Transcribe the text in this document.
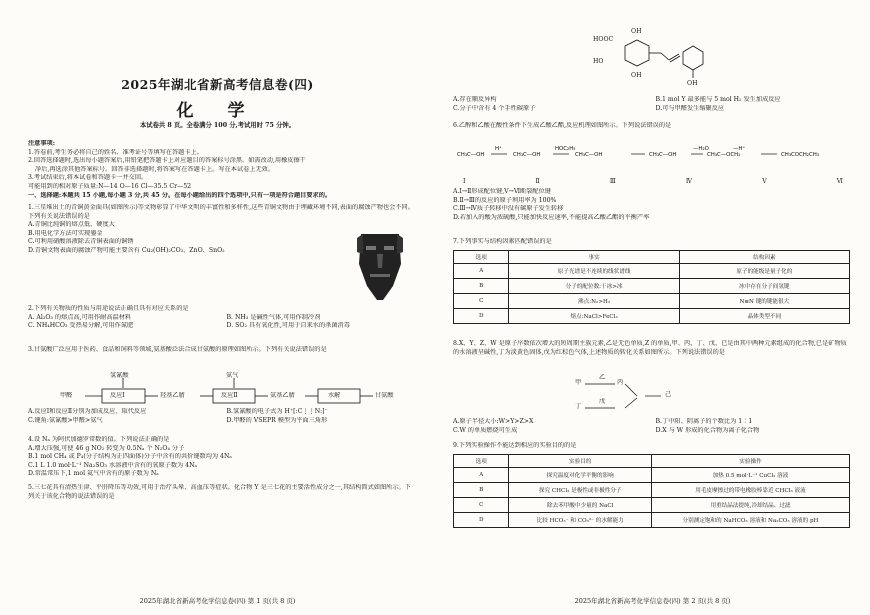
2025年湖北省新高考信息卷(四)
化 学
本试卷共 8 页。全卷满分 100 分,考试用时 75 分钟。
注意事项:
1.答卷前,考生务必将自己的姓名、准考证号等填写在答题卡上。
2.回答选择题时,选出每小题答案后,用铅笔把答题卡上对应题目的答案标号涂黑。如需改动,用橡皮擦干
净后,再选涂其他答案标号。回答非选择题时,将答案写在答题卡上。写在本试卷上无效。
3.考试结束后,将本试卷和答题卡一并交回。
可能用到的相对原子质量:N—14 O—16 Cl—35.5 Cr—52
一、选择题:本题共 15 小题,每小题 3 分,共 45 分。在每小题给出的四个选项中,只有一项是符合题目要求的。
1.三星堆出土的青铜黄金面具(如图所示)等文物彰显了中华文明的丰富性和多样性,这些青铜文物由于埋藏环境不同,表面的腐蚀产物也会不同。下列有关说法错误的是
A.青铜比纯铜的熔点低、硬度大
B.用电化学方法可实现鎏金
C.可利用硝酸溶液除去青铜表面的铜锈
D.青铜文物表面的腐蚀产物可能主要含有 Cu₂(OH)₂CO₃、ZnO、SnO₂
2.下列有关物质的性质与用途说法正确且具有对应关系的是
A. Al₂O₃ 的熔点高,可用作耐高温材料	B. NH₃ 是碱性气体,可用作制冷剂
C. NH₄HCO₃ 受热易分解,可用作氮肥	D. SO₂ 具有氧化性,可用于自来水的杀菌消毒
3.甘氨酸广泛应用于医药、食品和饲料等领域,氨基酸泛法合成甘氨酸的原理如图所示。下列有关说法错误的是
甲醛
氢氰酸
反应Ⅰ	羟基乙腈
氨气
反应Ⅱ	氨基乙腈	水解	甘氨酸
A.反应Ⅰ和反应Ⅱ分别为加成反应、取代反应	B.氢氰酸的电子式为 H⁺[:C⋮⋮N:]⁻
C.键角:氨氰酸>甲醛>氨气	D.甲醛的 VSEPR 模型为平面三角形
4.设 Nₐ 为阿伏加德罗常数的值。下列说法正确的是
A.增大压强,可使 46 g NO₂ 转变为 0.5Nₐ 个 N₂O₄ 分子
B.1 mol CH₄ 或 P₄(分子结构为正四面体)分子中含有的共价键数均为 4Nₐ
C.1 L 1.0 mol·L⁻¹ Na₂SO₃ 水溶液中含有的氧原子数为 4Nₐ
D.常温常压下,1 mol 氦气中含有的原子数为 Nₐ
5.三七花具有清热生津、平肝降压等功效,可用于治疗头晕、高血压等症状。化合物 Y 是三七花的主要活性成分之一,其结构简式如图所示。下列关于该化合物的说法错误的是
2025年湖北省新高考化学信息卷(四) 第 1 页(共 8 页)
HOOC
HO
OH
OH
OH
A.存在顺反异构	B.1 mol Y 最多能与 5 mol H₂ 发生加成反应
C.分子中含有 4 个手性碳原子	D.可与甲醛发生缩聚反应
6.乙醇和乙酸在酸性条件下生成乙酸乙酯,反应机理如图所示。下列说法错误的是
CH₃C—OH	CH₃C—OH	CH₃C—OH	CH₃C—OH	CH₃C—OCH₂	CH₃COCH₂CH₃
H⁺	HOC₂H₅	—H⁺
—H₂O
Ⅰ	Ⅱ	Ⅲ	Ⅳ	Ⅴ	Ⅵ
A.Ⅰ→Ⅱ形成配位键,Ⅴ→Ⅵ断裂配位键
B.Ⅱ→Ⅲ的反应的原子利用率为 100%
C.Ⅲ→Ⅳ质子转移中没有碳原子发生转移
D.若加入的酸为浓硫酸,只能加快反应速率,不能提高乙酸乙酯的平衡产率
7.下列事实与结构因素匹配错误的是
选项	事实	结构因素
A	原子光谱是不连续的线状谱线	原子的能级是量子化的
B	分子的配位数:干冰>冰	冰中存在分子间氢键
C	沸点:N₂>H₂	N≡N 键的键能很大
D	熔点:NaCl>FeCl₃	晶体类型不同
8.X、Y、Z、W 是原子序数依次增大的短周期主族元素,乙是无色单质,Z 的单质,甲、丙、丁、戊、已是由其中两种元素组成的化合物,已是矿物质的水溶液呈碱性,丁为淡黄色固体,戊为红棕色气体,上述物质的转化关系如图所示。下列说法错误的是
甲
乙
丙
己
丁
戊
A.原子半径大小:W>Y>Z>X	B.丁中阳、阴离子的个数比为 1∶1
C.W 的单质燃烧可生成	D.X 与 W 形成的化合物为离子化合物
9.下列实验操作不能达到相应的实验目的的是
选项	实验目的	实验操作
A	探究温度对化学平衡的影响	加热 0.5 mol·L⁻¹ CuCl₂ 溶液
B	探究 CHCl₃ 是极性或非极性分子	用毛皮摩擦过的带电橡胶棒靠近 CHCl₃ 液流
C	除去苯甲酸中少量的 NaCl	用重结晶法提纯,冷却结晶、过滤
D	比较 HCO₃⁻ 和 CO₃²⁻ 的水解能力	分别测定饱和的 NaHCO₃ 溶液和 Na₂CO₃ 溶液的 pH
2025年湖北省新高考化学信息卷(四) 第 2 页(共 8 页)
